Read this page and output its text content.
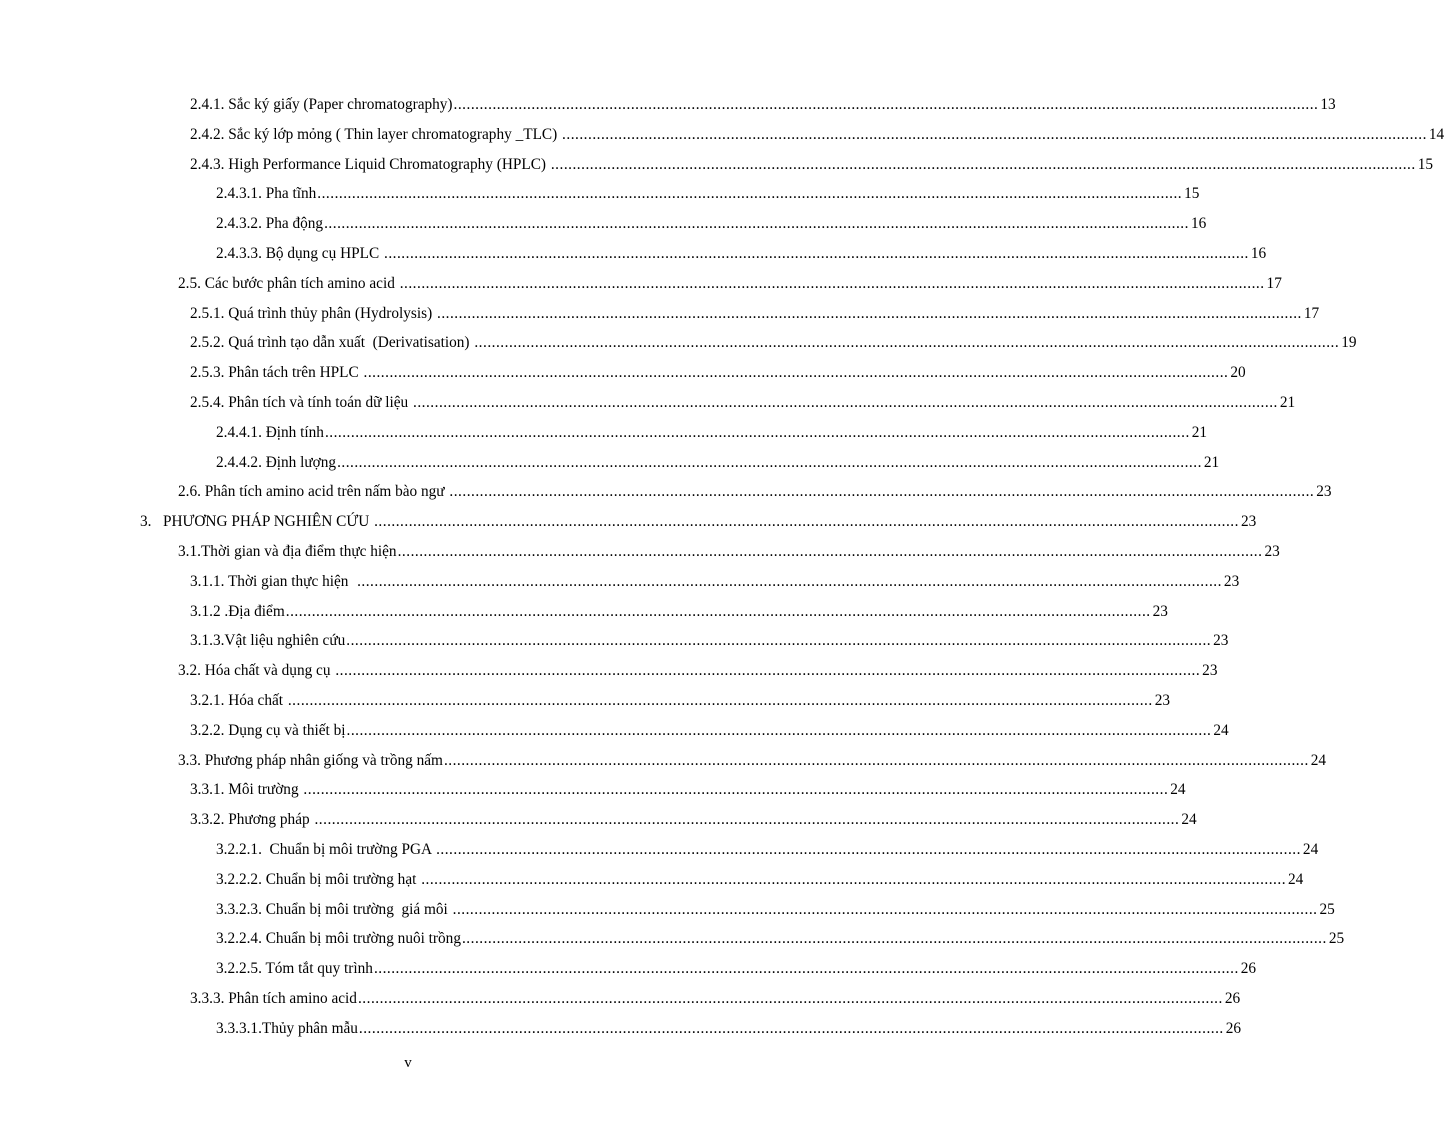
2.4.1. Sắc ký giấy (Paper chromatography) ........................................................................................................................................................................................................ 13
2.4.2. Sắc ký lớp mỏng ( Thin layer chromatography _TLC) ........................................................................................................................................................................................................ 14
2.4.3. High Performance Liquid Chromatography (HPLC) ........................................................................................................................................................................................................ 15
2.4.3.1. Pha tĩnh ........................................................................................................................................................................................................ 15
2.4.3.2. Pha động ........................................................................................................................................................................................................ 16
2.4.3.3. Bộ dụng cụ HPLC ........................................................................................................................................................................................................ 16
2.5. Các bước phân tích amino acid ........................................................................................................................................................................................................ 17
2.5.1. Quá trình thủy phân (Hydrolysis) ........................................................................................................................................................................................................ 17
2.5.2. Quá trình tạo dẫn xuất  (Derivatisation) ........................................................................................................................................................................................................ 19
2.5.3. Phân tách trên HPLC ........................................................................................................................................................................................................ 20
2.5.4. Phân tích và tính toán dữ liệu ........................................................................................................................................................................................................ 21
2.4.4.1. Định tính ........................................................................................................................................................................................................ 21
2.4.4.2. Định lượng ........................................................................................................................................................................................................ 21
2.6. Phân tích amino acid trên nấm bào ngư ........................................................................................................................................................................................................ 23
3.   PHƯƠNG PHÁP NGHIÊN CỨU ........................................................................................................................................................................................................ 23
3.1.Thời gian và địa điểm thực hiện ........................................................................................................................................................................................................ 23
3.1.1. Thời gian thực hiện ........................................................................................................................................................................................................ 23
3.1.2 .Địa điểm ........................................................................................................................................................................................................ 23
3.1.3.Vật liệu nghiên cứu ........................................................................................................................................................................................................ 23
3.2. Hóa chất và dụng cụ ........................................................................................................................................................................................................ 23
3.2.1. Hóa chất ........................................................................................................................................................................................................ 23
3.2.2. Dụng cụ và thiết bị ........................................................................................................................................................................................................ 24
3.3. Phương pháp nhân giống và trồng nấm ........................................................................................................................................................................................................ 24
3.3.1. Môi trường ........................................................................................................................................................................................................ 24
3.3.2. Phương pháp ........................................................................................................................................................................................................ 24
3.2.2.1.  Chuẩn bị môi trường PGA ........................................................................................................................................................................................................ 24
3.2.2.2. Chuẩn bị môi trường hạt ........................................................................................................................................................................................................ 24
3.3.2.3. Chuẩn bị môi trường  giá môi ........................................................................................................................................................................................................ 25
3.2.2.4. Chuẩn bị môi trường nuôi trồng ........................................................................................................................................................................................................ 25
3.2.2.5. Tóm tắt quy trình ........................................................................................................................................................................................................ 26
3.3.3. Phân tích amino acid ........................................................................................................................................................................................................ 26
3.3.3.1.Thủy phân mẫu ........................................................................................................................................................................................................ 26
v
